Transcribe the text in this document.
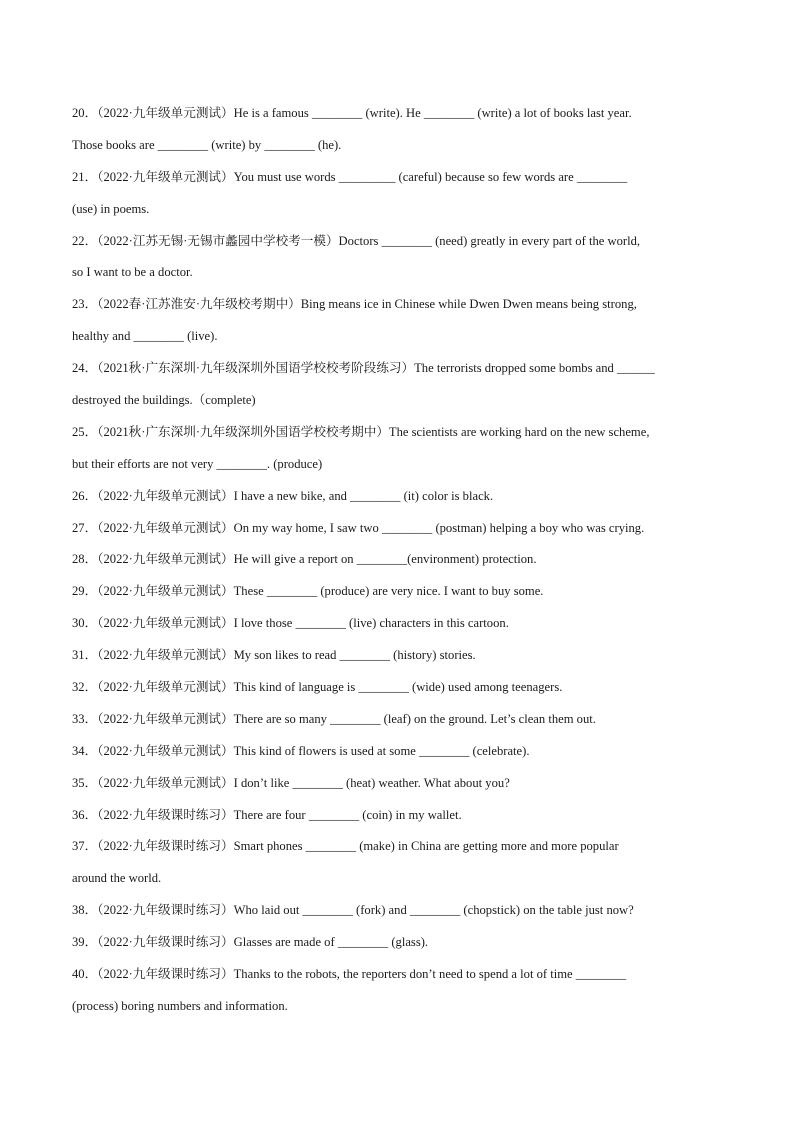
20．（2022·九年级单元测试）He is a famous ________ (write). He ________ (write) a lot of books last year.
Those books are ________ (write) by ________ (he).
21．（2022·九年级单元测试）You must use words _________ (careful) because so few words are ________
(use) in poems.
22．（2022·江苏无锡·无锡市蠡园中学校考一模）Doctors ________ (need) greatly in every part of the world,
so I want to be a doctor.
23．（2022春·江苏淮安·九年级校考期中）Bing means ice in Chinese while Dwen Dwen means being strong,
healthy and ________ (live).
24．（2021秋·广东深圳·九年级深圳外国语学校校考阶段练习）The terrorists dropped some bombs and ______
destroyed the buildings.（complete)
25．（2021秋·广东深圳·九年级深圳外国语学校校考期中）The scientists are working hard on the new scheme,
but their efforts are not very ________. (produce)
26．（2022·九年级单元测试）I have a new bike, and ________ (it) color is black.
27．（2022·九年级单元测试）On my way home, I saw two ________ (postman) helping a boy who was crying.
28．（2022·九年级单元测试）He will give a report on ________(environment) protection.
29．（2022·九年级单元测试）These ________ (produce) are very nice. I want to buy some.
30．（2022·九年级单元测试）I love those ________ (live) characters in this cartoon.
31．（2022·九年级单元测试）My son likes to read ________ (history) stories.
32．（2022·九年级单元测试）This kind of language is ________ (wide) used among teenagers.
33．（2022·九年级单元测试）There are so many ________ (leaf) on the ground. Let’s clean them out.
34．（2022·九年级单元测试）This kind of flowers is used at some ________ (celebrate).
35．（2022·九年级单元测试）I don’t like ________ (heat) weather. What about you?
36．（2022·九年级课时练习）There are four ________ (coin) in my wallet.
37．（2022·九年级课时练习）Smart phones ________ (make) in China are getting more and more popular
around the world.
38．（2022·九年级课时练习）Who laid out ________ (fork) and ________ (chopstick) on the table just now?
39．（2022·九年级课时练习）Glasses are made of ________ (glass).
40．（2022·九年级课时练习）Thanks to the robots, the reporters don’t need to spend a lot of time ________
(process) boring numbers and information.
